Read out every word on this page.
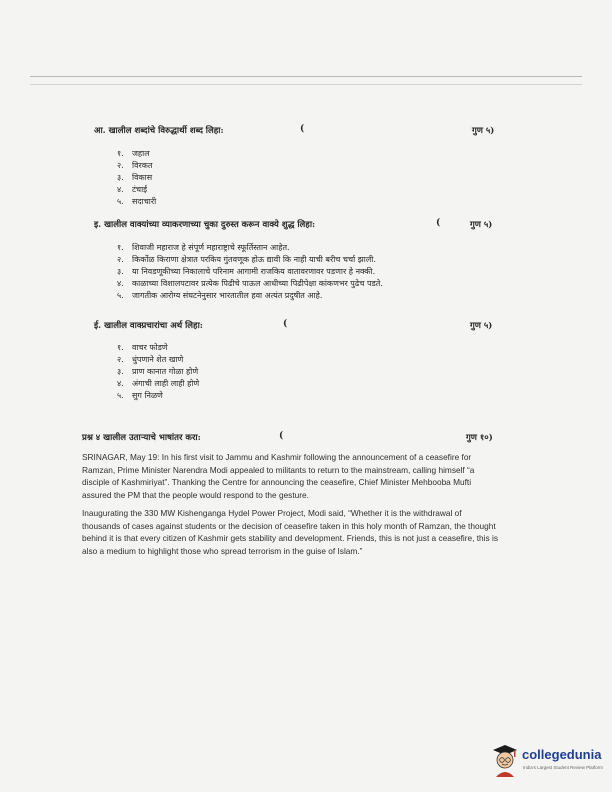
आ. खालील शब्दांचे विरुद्धार्थी शब्द लिहा:	(	गुण ५)
१. जहाल
२. विरकत
३. विकास
४. टंचाई
५. सदाचारी
इ. खालील वाक्यांच्या व्याकरणाच्या चुका दुरुस्त करून वाक्ये शुद्ध लिहा:	(	गुण ५)
१. शिवाजी महाराज हे संपूर्ण महाराष्ट्राचे स्फूर्तिस्तान आहेत.
२. किर्कोळ किराणा क्षेत्रात परकिय गुंतवणूक होऊ द्यावी कि नाही याची बरीच चर्चा झाली.
३. या निवडणूकीच्या निकालाचे परिनाम आगामी राजकिय वातावरणावर पडणार हे नक्की.
४. काळाच्या विशालपटावर प्रत्येक पिढीचे पाऊल आधीच्या पिढीपेक्षा कांकणभर पुढेच पडते.
५. जागतीक आरोग्य संघटनेनुसार भारतातील हवा अत्यंत प्रदुषीत आहे.
ई. खालील वाक्प्रचारांचा अर्थ लिहा:	(	गुण ५)
१. वाचर फोडणे
२. धुंपणाने शेत खाणे
३. प्राण कानात गोळा होणे
४. अंगाची लाही लाही होणे
५. सुग निळणे
प्रश्न ४ खालील उताऱ्याचे भाषांतर करा:	(	गुण १०)

SRINAGAR, May 19: In his first visit to Jammu and Kashmir following the announcement of a ceasefire for Ramzan, Prime Minister Narendra Modi appealed to militants to return to the mainstream, calling himself “a disciple of Kashmiriyat”. Thanking the Centre for announcing the ceasefire, Chief Minister Mehbooba Mufti assured the PM that the people would respond to the gesture.

Inaugurating the 330 MW Kishenganga Hydel Power Project, Modi said, “Whether it is the withdrawal of thousands of cases against students or the decision of ceasefire taken in this holy month of Ramzan, the thought behind it is that every citizen of Kashmir gets stability and development. Friends, this is not just a ceasefire, this is also a medium to highlight those who spread terrorism in the guise of Islam.”

collegedunia
India's Largest Student Review Platform
